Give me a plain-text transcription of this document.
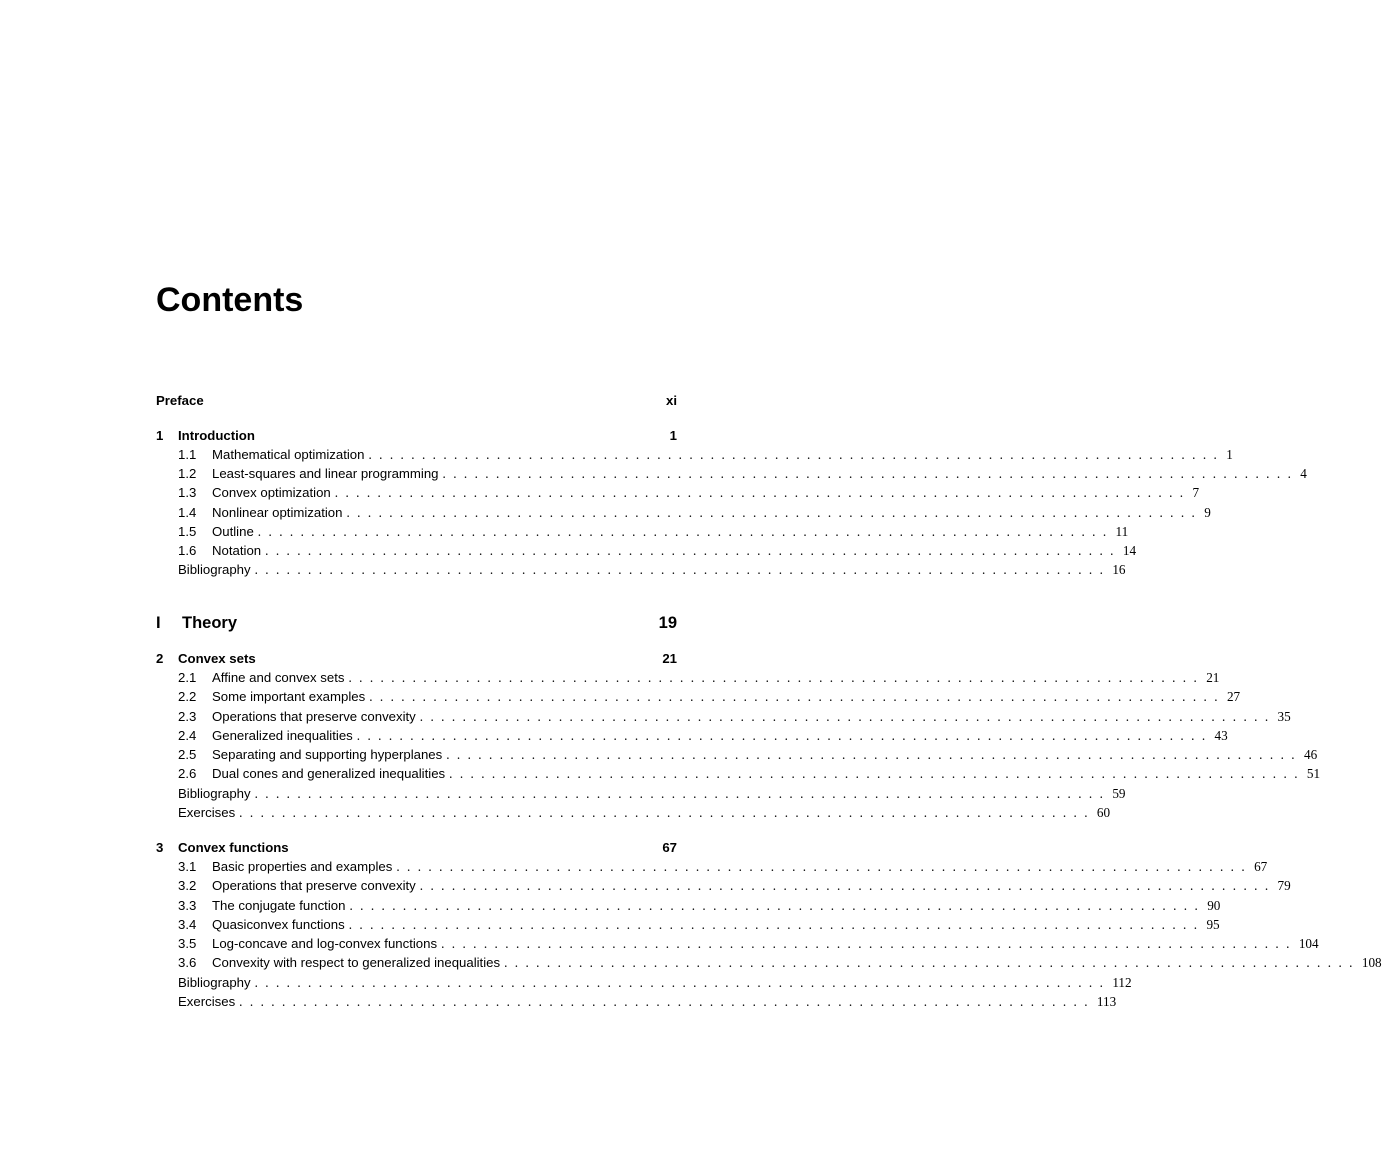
Contents
Preface	xi
1	Introduction	1
1.1	Mathematical optimization ................................................................................ 1
1.2	Least-squares and linear programming ................................................................................ 4
1.3	Convex optimization ................................................................................ 7
1.4	Nonlinear optimization ................................................................................ 9
1.5	Outline ................................................................................ 11
1.6	Notation ................................................................................ 14
Bibliography ................................................................................ 16
I	Theory	19
2	Convex sets	21
2.1	Affine and convex sets ................................................................................ 21
2.2	Some important examples ................................................................................ 27
2.3	Operations that preserve convexity ................................................................................ 35
2.4	Generalized inequalities ................................................................................ 43
2.5	Separating and supporting hyperplanes ................................................................................ 46
2.6	Dual cones and generalized inequalities ................................................................................ 51
Bibliography ................................................................................ 59
Exercises ................................................................................ 60
3	Convex functions	67
3.1	Basic properties and examples ................................................................................ 67
3.2	Operations that preserve convexity ................................................................................ 79
3.3	The conjugate function ................................................................................ 90
3.4	Quasiconvex functions ................................................................................ 95
3.5	Log-concave and log-convex functions ................................................................................ 104
3.6	Convexity with respect to generalized inequalities ................................................................................ 108
Bibliography ................................................................................ 112
Exercises ................................................................................ 113
